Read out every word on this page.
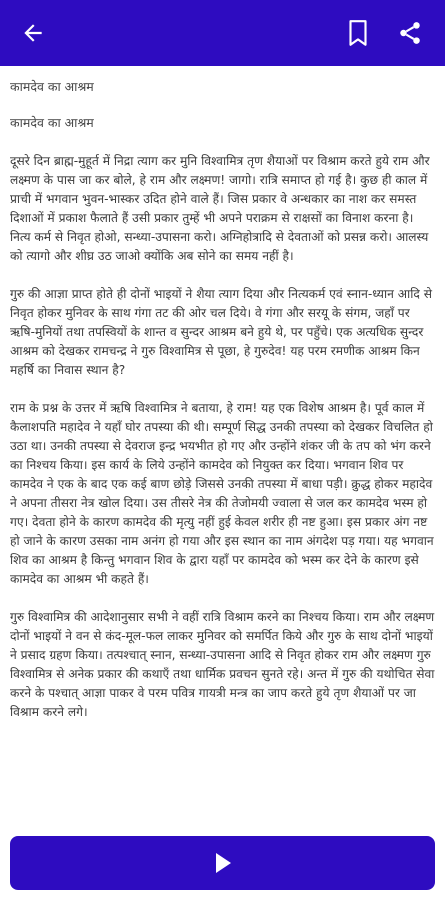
कामदेव का आश्रम
कामदेव का आश्रम

दूसरे दिन ब्राह्म-मुहूर्त में निद्रा त्याग कर मुनि विश्वामित्र तृण शैयाओं पर विश्राम करते हुये राम और लक्ष्मण के पास जा कर बोले, हे राम और लक्ष्मण! जागो। रात्रि समाप्त हो गई है। कुछ ही काल में प्राची में भगवान भुवन-भास्कर उदित होने वाले हैं। जिस प्रकार वे अन्धकार का नाश कर समस्त दिशाओं में प्रकाश फैलाते हैं उसी प्रकार तुम्हें भी अपने पराक्रम से राक्षसों का विनाश करना है। नित्य कर्म से निवृत हो‍ओ, सन्ध्या-उपासना करो। अग्निहोत्रादि से देवताओं को प्रसन्न करो। आलस्य को त्यागो और शीघ्र उठ जाओ क्योंकि अब सोने का समय नहीं है।

गुरु की आज्ञा प्राप्त होते ही दोनों भाइयों ने शैया त्याग दिया और नित्यकर्म एवं स्नान-ध्यान आदि से निवृत होकर मुनिवर के साथ गंगा तट की ओर चल दिये। वे गंगा और सरयू के संगम, जहाँ पर ऋषि-मुनियों तथा तपस्वियों के शान्त व सुन्दर आश्रम बने हुये थे, पर पहुँचे। एक अत्यधिक सुन्दर आश्रम को देखकर रामचन्द्र ने गुरु विश्वामित्र से पूछा, हे गुरुदेव! यह परम रमणीक आश्रम किन महर्षि का निवास स्थान है?

राम के प्रश्न के उत्तर में ऋषि विश्वामित्र ने बताया, हे राम! यह एक विशेष आश्रम है। पूर्व काल में कैलाशपति महादेव ने यहाँ घोर तपस्या की थी। सम्पूर्ण सिद्ध उनकी तपस्या को देखकर विचलित हो उठा था। उनकी तपस्या से देवराज इन्द्र भयभीत हो गए और उन्होंने शंकर जी के तप को भंग करने का निश्चय किया। इस कार्य के लिये उन्होंने कामदेव को नियुक्त कर दिया। भगवान शिव पर कामदेव ने एक के बाद एक कई बाण छोड़े जिससे उनकी तपस्या में बाधा पड़ी। क्रुद्ध होकर महादेव ने अपना तीसरा नेत्र खोल दिया। उस तीसरे नेत्र की तेजोमयी ज्वाला से जल कर कामदेव भस्म हो गए। देवता होने के कारण कामदेव की मृत्यु नहीं हुई केवल शरीर ही नष्ट हुआ। इस प्रकार अंग नष्ट हो जाने के कारण उसका नाम अनंग हो गया और इस स्थान का नाम अंगदेश पड़ गया। यह भगवान शिव का आश्रम है किन्तु भगवान शिव के द्वारा यहाँ पर कामदेव को भस्म कर देने के कारण इसे कामदेव का आश्रम भी कहते हैं।

गुरु विश्वामित्र की आदेशानुसार सभी ने वहीं रात्रि विश्राम करने का निश्चय किया। राम और लक्ष्मण दोनों भाइयों ने वन से कंद-मूल-फल लाकर मुनिवर को समर्पित किये और गुरु के साथ दोनों भाइयों ने प्रसाद ग्रहण किया। तत्पश्चात् स्नान, सन्ध्या-उपासना आदि से निवृत होकर राम और लक्ष्मण गुरु विश्वामित्र से अनेक प्रकार की कथाएँ तथा धार्मिक प्रवचन सुनते रहे। अन्त में गुरु की यथोचित सेवा करने के पश्चात् आज्ञा पाकर वे परम पवित्र गायत्री मन्त्र का जाप करते हुये तृण शैयाओं पर जा विश्राम करने लगे।
